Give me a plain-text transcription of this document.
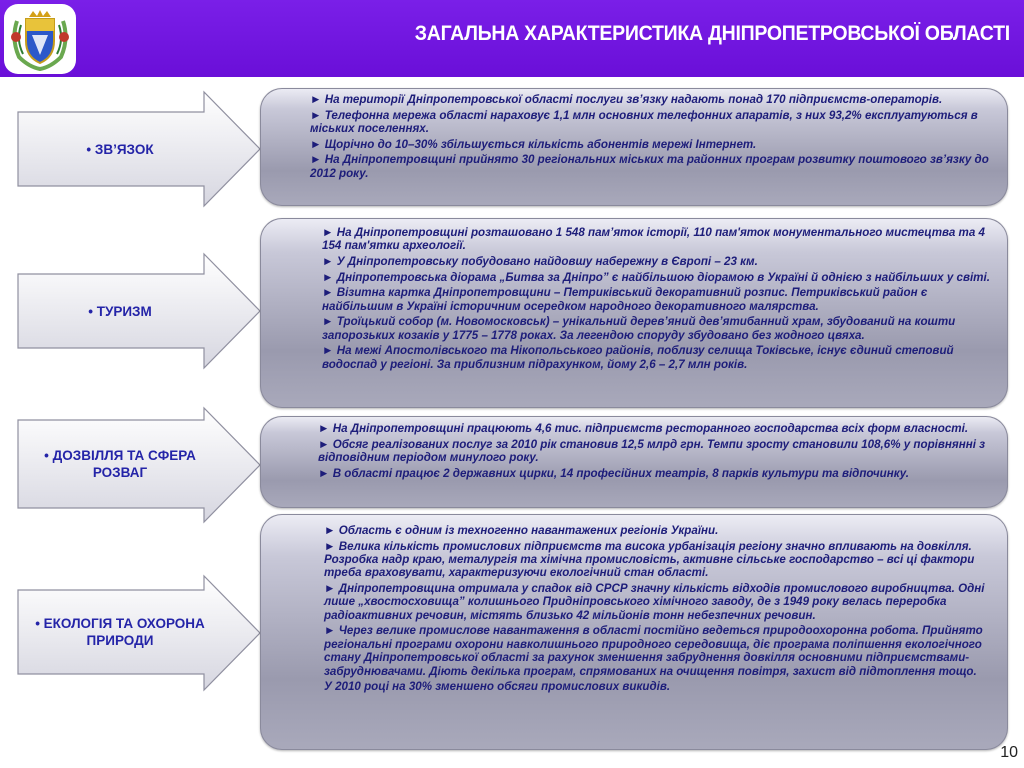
ЗАГАЛЬНА ХАРАКТЕРИСТИКА ДНІПРОПЕТРОВСЬКОЇ ОБЛАСТІ
• ЗВ’ЯЗОК

► На території Дніпропетровської області послуги зв’язку надають понад 170 підприємств-операторів.

► Телефонна мережа області нараховує 1,1 млн основних телефонних апаратів, з них 93,2% експлуатуються в міських поселеннях.

► Щорічно до 10–30% збільшується кількість абонентів мережі Інтернет.

► На Дніпропетровщині прийнято 30 регіональних міських та районних програм розвитку поштового зв’язку до 2012 року.

• ТУРИЗМ

► На Дніпропетровщині розташовано 1 548 пам’яток історії, 110 пам'яток монументального мистецтва та 4 154 пам'ятки археології.

► У Дніпропетровську побудовано найдовшу набережну в Європі – 23 км.

► Дніпропетровська діорама „Битва за Дніпро” є найбільшою діорамою в Україні й однією з найбільших у світі.

► Візитна картка Дніпропетровщини – Петриківський декоративний розпис. Петриківський район є найбільшим в Україні історичним осередком народного декоративного малярства.

► Троїцький собор (м. Новомосковськ) – унікальний дерев’яний дев’ятибанний храм, збудований на кошти запорозьких козаків у 1775 – 1778 роках. За легендою споруду збудовано без жодного цвяха.

► На межі Апостолівського та Нікопольського районів, поблизу селища Токівське, існує єдиний степовий водоспад у регіоні. За приблизним підрахунком, йому 2,6 – 2,7 млн років.

• ДОЗВІЛЛЯ ТА СФЕРА РОЗВАГ

► На Дніпропетровщині працюють 4,6 тис. підприємств ресторанного господарства всіх форм власності.

► Обсяг реалізованих послуг за 2010 рік становив 12,5 млрд грн. Темпи зросту становили 108,6% у порівнянні з відповідним періодом минулого року.

► В області працює 2 державних цирки, 14 професійних театрів, 8 парків культури та відпочинку.

• ЕКОЛОГІЯ ТА ОХОРОНА ПРИРОДИ

► Область є одним із техногенно навантажених регіонів України.

► Велика кількість промислових підприємств та висока урбанізація регіону значно впливають на довкілля. Розробка надр краю, металургія та хімічна промисловість, активне сільське господарство – всі ці фактори треба враховувати, характеризуючи екологічний стан області.

► Дніпропетровщина отримала у спадок від СРСР значну кількість відходів промислового виробництва. Одні лише „хвостосховища” колишнього Придніпровського хімічного заводу, де з 1949 року велась переробка радіоактивних речовин, містять близько 42 мільйонів тонн небезпечних речовин.

► Через велике промислове навантаження в області постійно ведеться природоохоронна робота. Прийнято регіональні програми охорони навколишнього природного середовища, діє програма поліпшення екологічного стану Дніпропетровської області за рахунок зменшення забруднення довкілля основними підприємствами-забруднювачами. Діють декілька програм, спрямованих на очищення повітря, захист від підтоплення тощо.

У 2010 році на 30% зменшено обсяги промислових викидів.

10
